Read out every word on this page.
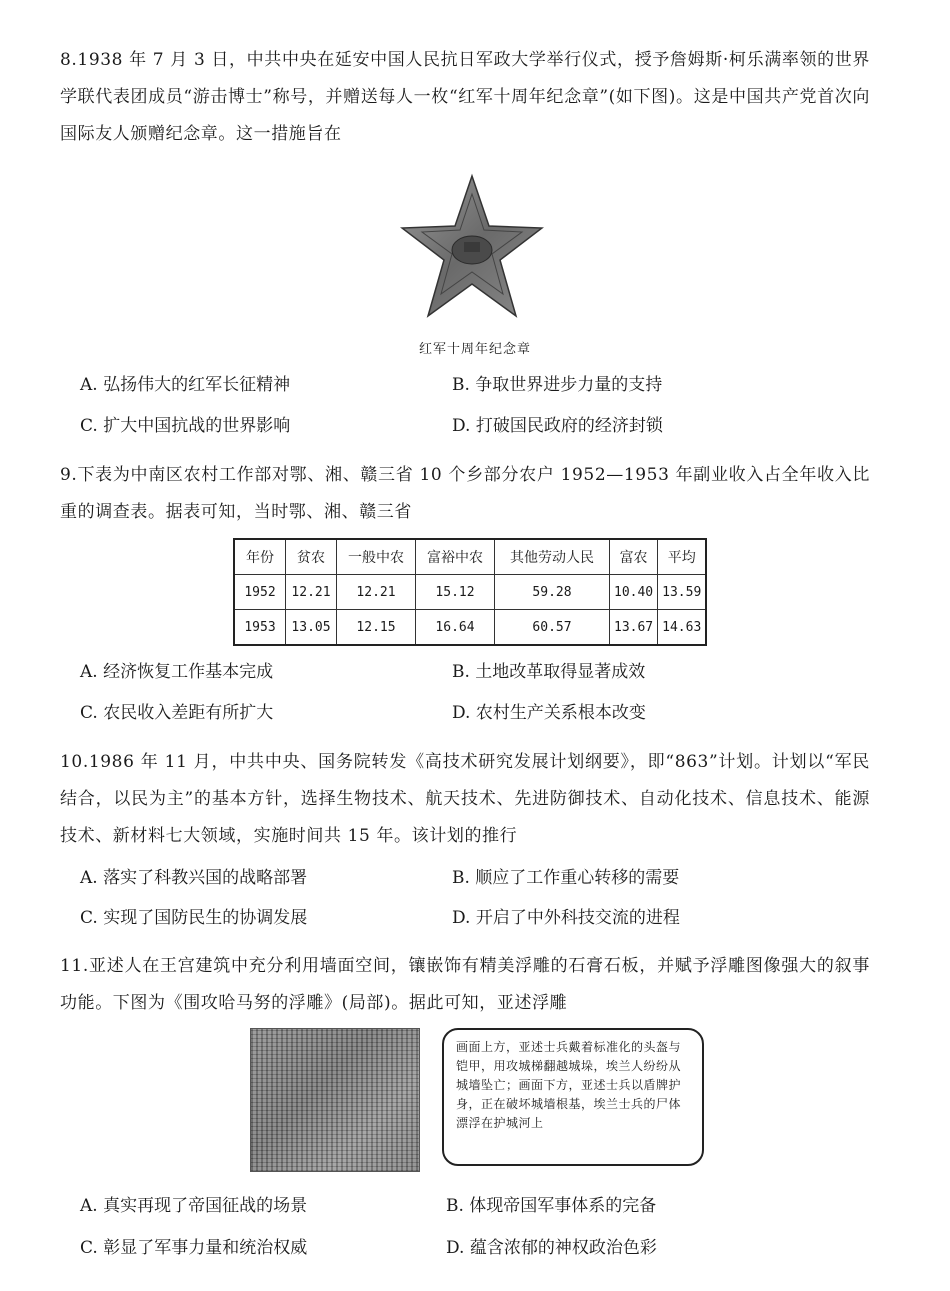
8.1938 年 7 月 3 日，中共中央在延安中国人民抗日军政大学举行仪式，授予詹姆斯·柯乐满率领的世界学联代表团成员“游击博士”称号，并赠送每人一枚“红军十周年纪念章”(如下图)。这是中国共产党首次向国际友人颁赠纪念章。这一措施旨在
红军十周年纪念章
A. 弘扬伟大的红军长征精神	B. 争取世界进步力量的支持
C. 扩大中国抗战的世界影响	D. 打破国民政府的经济封锁
9.下表为中南区农村工作部对鄂、湘、赣三省 10 个乡部分农户 1952—1953 年副业收入占全年收入比重的调查表。据表可知，当时鄂、湘、赣三省
年份	贫农	一般中农	富裕中农	其他劳动人民	富农	平均
1952	12.21	12.21	15.12	59.28	10.40	13.59
1953	13.05	12.15	16.64	60.57	13.67	14.63
A. 经济恢复工作基本完成	B. 土地改革取得显著成效
C. 农民收入差距有所扩大	D. 农村生产关系根本改变
10.1986 年 11 月，中共中央、国务院转发《高技术研究发展计划纲要》，即“863”计划。计划以“军民结合，以民为主”的基本方针，选择生物技术、航天技术、先进防御技术、自动化技术、信息技术、能源技术、新材料七大领域，实施时间共 15 年。该计划的推行
A. 落实了科教兴国的战略部署	B. 顺应了工作重心转移的需要
C. 实现了国防民生的协调发展	D. 开启了中外科技交流的进程
11.亚述人在王宫建筑中充分利用墙面空间，镶嵌饰有精美浮雕的石膏石板，并赋予浮雕图像强大的叙事功能。下图为《围攻哈马努的浮雕》(局部)。据此可知，亚述浮雕
画面上方，亚述士兵戴着标准化的头盔与铠甲，用攻城梯翻越城垛，埃兰人纷纷从城墙坠亡；画面下方，亚述士兵以盾牌护身，正在破坏城墙根基，埃兰士兵的尸体漂浮在护城河上
A. 真实再现了帝国征战的场景	B. 体现帝国军事体系的完备
C. 彰显了军事力量和统治权威	D. 蕴含浓郁的神权政治色彩
